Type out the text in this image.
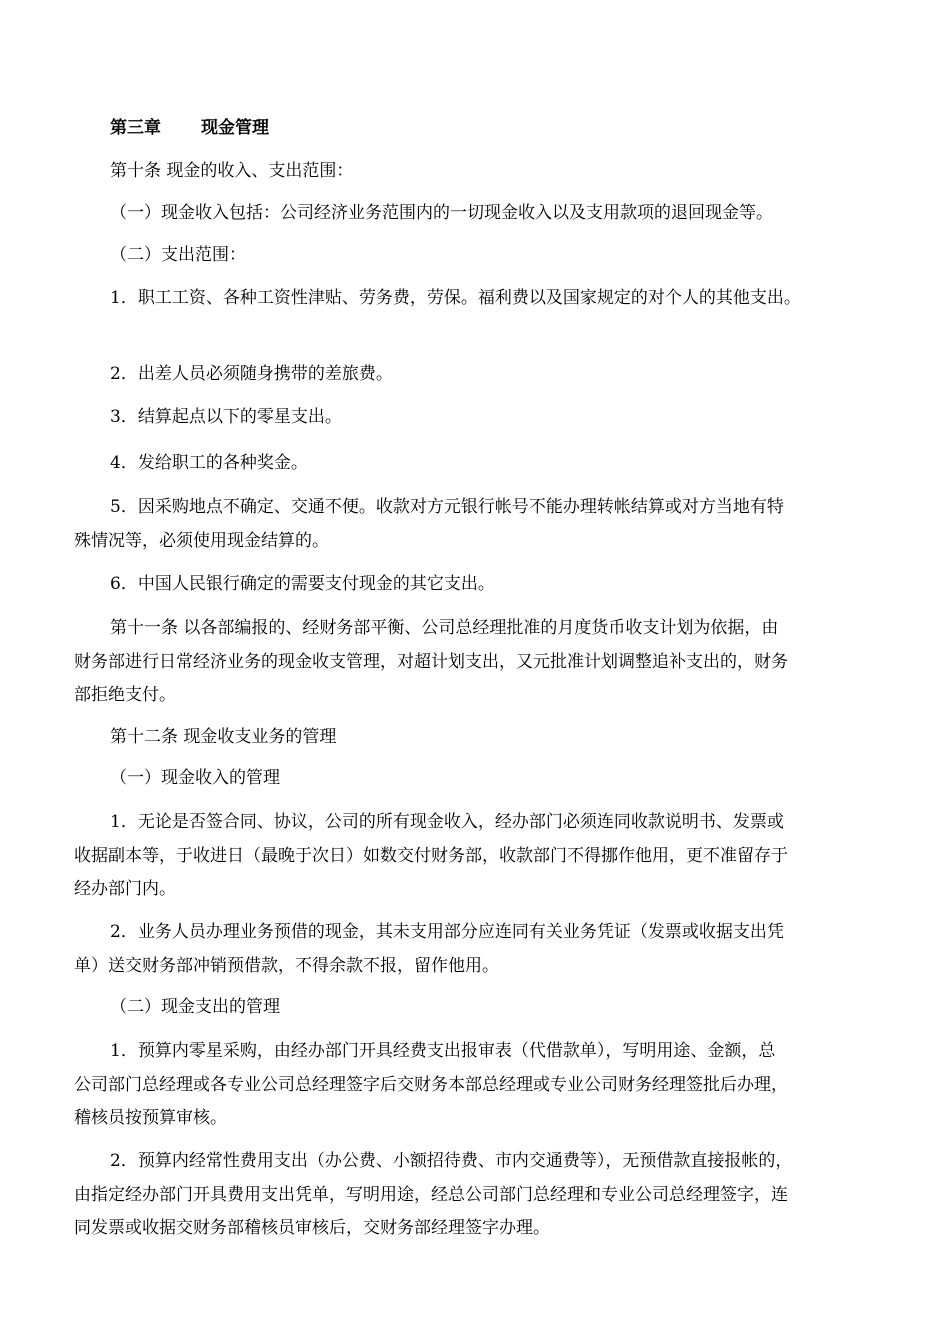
第三章 现金管理
第十条 现金的收入、支出范围：
（一）现金收入包括：公司经济业务范围内的一切现金收入以及支用款项的退回现金等。
（二）支出范围：
1．职工工资、各种工资性津贴、劳务费，劳保。福利费以及国家规定的对个人的其他支出。
2．出差人员必须随身携带的差旅费。
3．结算起点以下的零星支出。
4．发给职工的各种奖金。
5．因采购地点不确定、交通不便。收款对方元银行帐号不能办理转帐结算或对方当地有特
殊情况等，必须使用现金结算的。
6．中国人民银行确定的需要支付现金的其它支出。
第十一条 以各部编报的、经财务部平衡、公司总经理批准的月度货币收支计划为依据，由
财务部进行日常经济业务的现金收支管理，对超计划支出，又元批准计划调整追补支出的，财务
部拒绝支付。
第十二条 现金收支业务的管理
（一）现金收入的管理
1．无论是否签合同、协议，公司的所有现金收入，经办部门必须连同收款说明书、发票或
收据副本等，于收进日（最晚于次日）如数交付财务部，收款部门不得挪作他用，更不准留存于
经办部门内。
2．业务人员办理业务预借的现金，其未支用部分应连同有关业务凭证（发票或收据支出凭
单）送交财务部冲销预借款，不得余款不报，留作他用。
（二）现金支出的管理
1．预算内零星采购，由经办部门开具经费支出报审表（代借款单），写明用途、金额，总
公司部门总经理或各专业公司总经理签字后交财务本部总经理或专业公司财务经理签批后办理，
稽核员按预算审核。
2．预算内经常性费用支出（办公费、小额招待费、市内交通费等），无预借款直接报帐的，
由指定经办部门开具费用支出凭单，写明用途，经总公司部门总经理和专业公司总经理签字，连
同发票或收据交财务部稽核员审核后，交财务部经理签字办理。
